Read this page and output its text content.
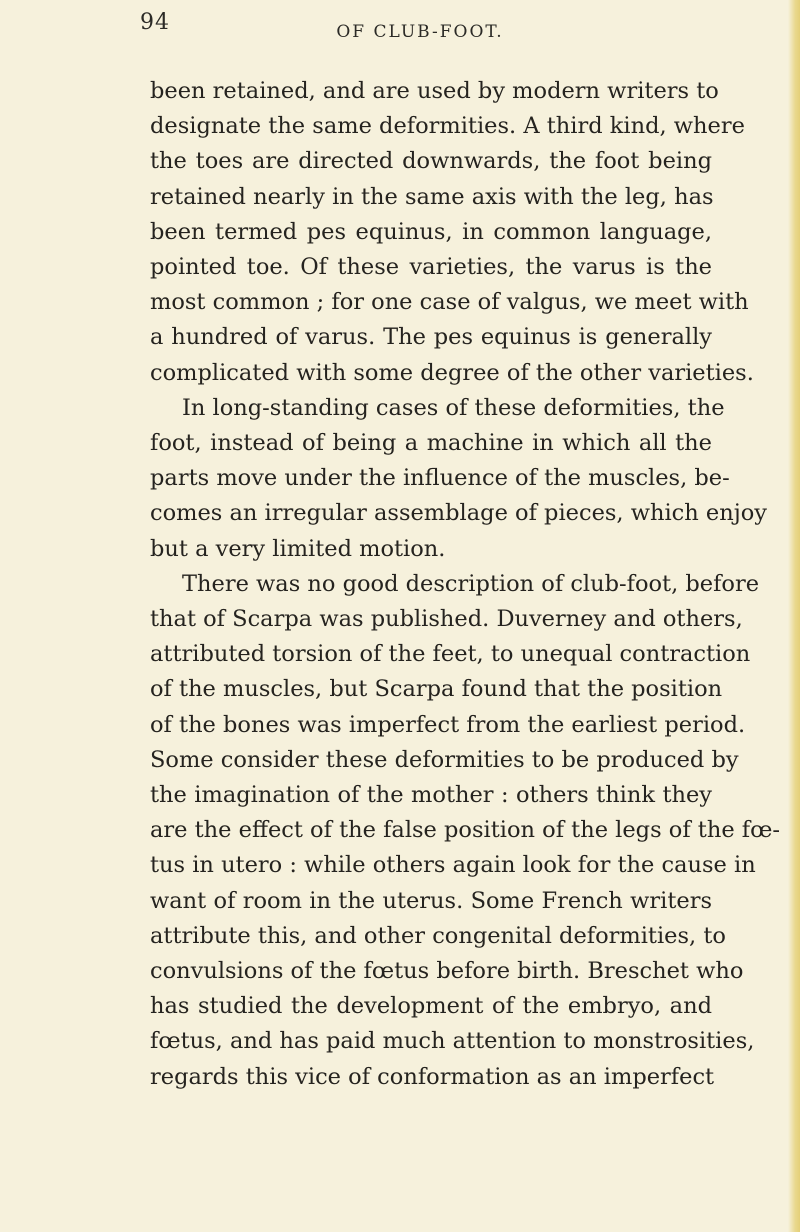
94	OF CLUB-FOOT.
been retained, and are used by modern writers to
designate the same deformities. A third kind, where
the toes are directed downwards, the foot being
retained nearly in the same axis with the leg, has
been termed pes equinus, in common language,
pointed toe. Of these varieties, the varus is the
most common ; for one case of valgus, we meet with
a hundred of varus. The pes equinus is generally
complicated with some degree of the other varieties.
In long-standing cases of these deformities, the
foot, instead of being a machine in which all the
parts move under the influence of the muscles, be-
comes an irregular assemblage of pieces, which enjoy
but a very limited motion.
There was no good description of club-foot, before
that of Scarpa was published. Duverney and others,
attributed torsion of the feet, to unequal contraction
of the muscles, but Scarpa found that the position
of the bones was imperfect from the earliest period.
Some consider these deformities to be produced by
the imagination of the mother : others think they
are the effect of the false position of the legs of the fœ-
tus in utero : while others again look for the cause in
want of room in the uterus. Some French writers
attribute this, and other congenital deformities, to
convulsions of the fœtus before birth. Breschet who
has studied the development of the embryo, and
fœtus, and has paid much attention to monstrosities,
regards this vice of conformation as an imperfect
